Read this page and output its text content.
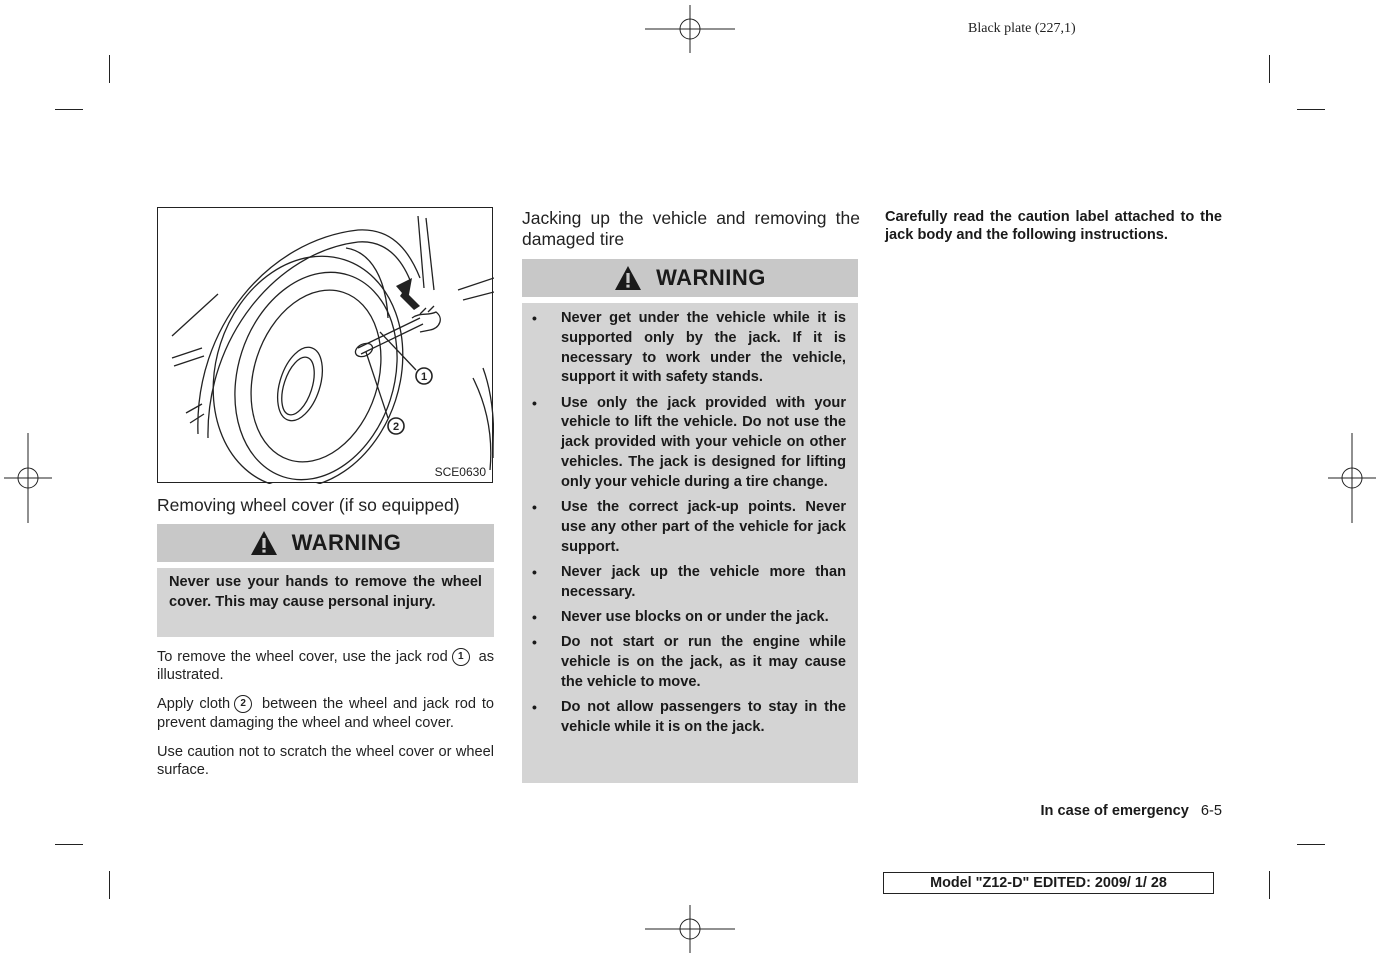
Black plate (227,1)
1
2
SCE0630
Removing wheel cover (if so equipped)
WARNING

Never use your hands to remove the wheel cover. This may cause personal injury.

To remove the wheel cover, use the jack rod 1 as illustrated.

Apply cloth 2 between the wheel and jack rod to prevent damaging the wheel and wheel cover.

Use caution not to scratch the wheel cover or wheel surface.

Jacking up the vehicle and removing the damaged tire
WARNING
• Never get under the vehicle while it is supported only by the jack. If it is necessary to work under the vehicle, support it with safety stands.
• Use only the jack provided with your vehicle to lift the vehicle. Do not use the jack provided with your vehicle on other vehicles. The jack is designed for lifting only your vehicle during a tire change.
• Use the correct jack-up points. Never use any other part of the vehicle for jack support.
• Never jack up the vehicle more than necessary.
• Never use blocks on or under the jack.
• Do not start or run the engine while vehicle is on the jack, as it may cause the vehicle to move.
• Do not allow passengers to stay in the vehicle while it is on the jack.
Carefully read the caution label attached to the jack body and the following instructions.
In case of emergency 6-5
Model "Z12-D" EDITED: 2009/ 1/ 28
